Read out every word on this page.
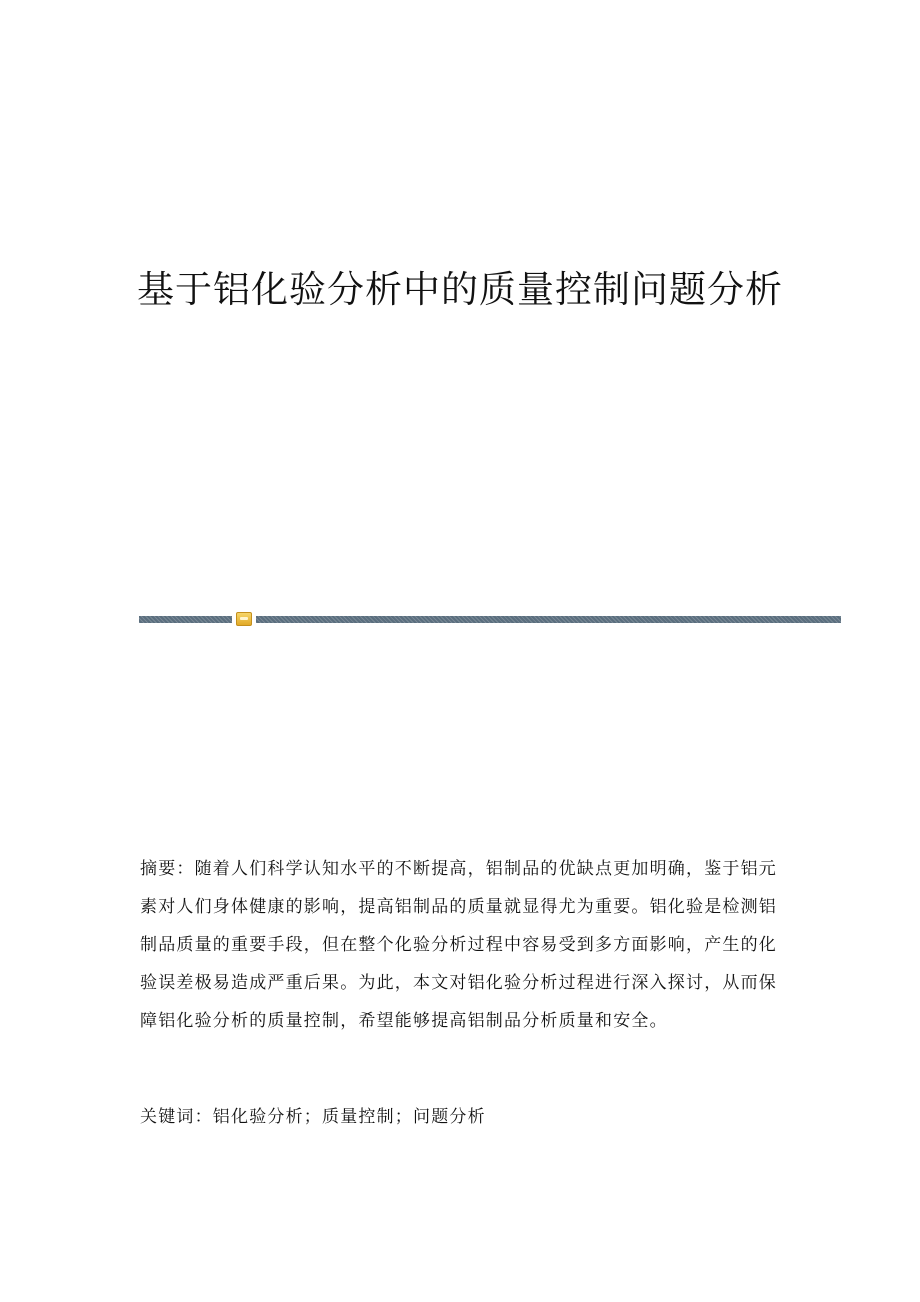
基于铝化验分析中的质量控制问题分析

摘要：随着人们科学认知水平的不断提高，铝制品的优缺点更加明确，鉴于铝元素对人们身体健康的影响，提高铝制品的质量就显得尤为重要。铝化验是检测铝制品质量的重要手段，但在整个化验分析过程中容易受到多方面影响，产生的化验误差极易造成严重后果。为此，本文对铝化验分析过程进行深入探讨，从而保障铝化验分析的质量控制，希望能够提高铝制品分析质量和安全。

关键词：铝化验分析；质量控制；问题分析
